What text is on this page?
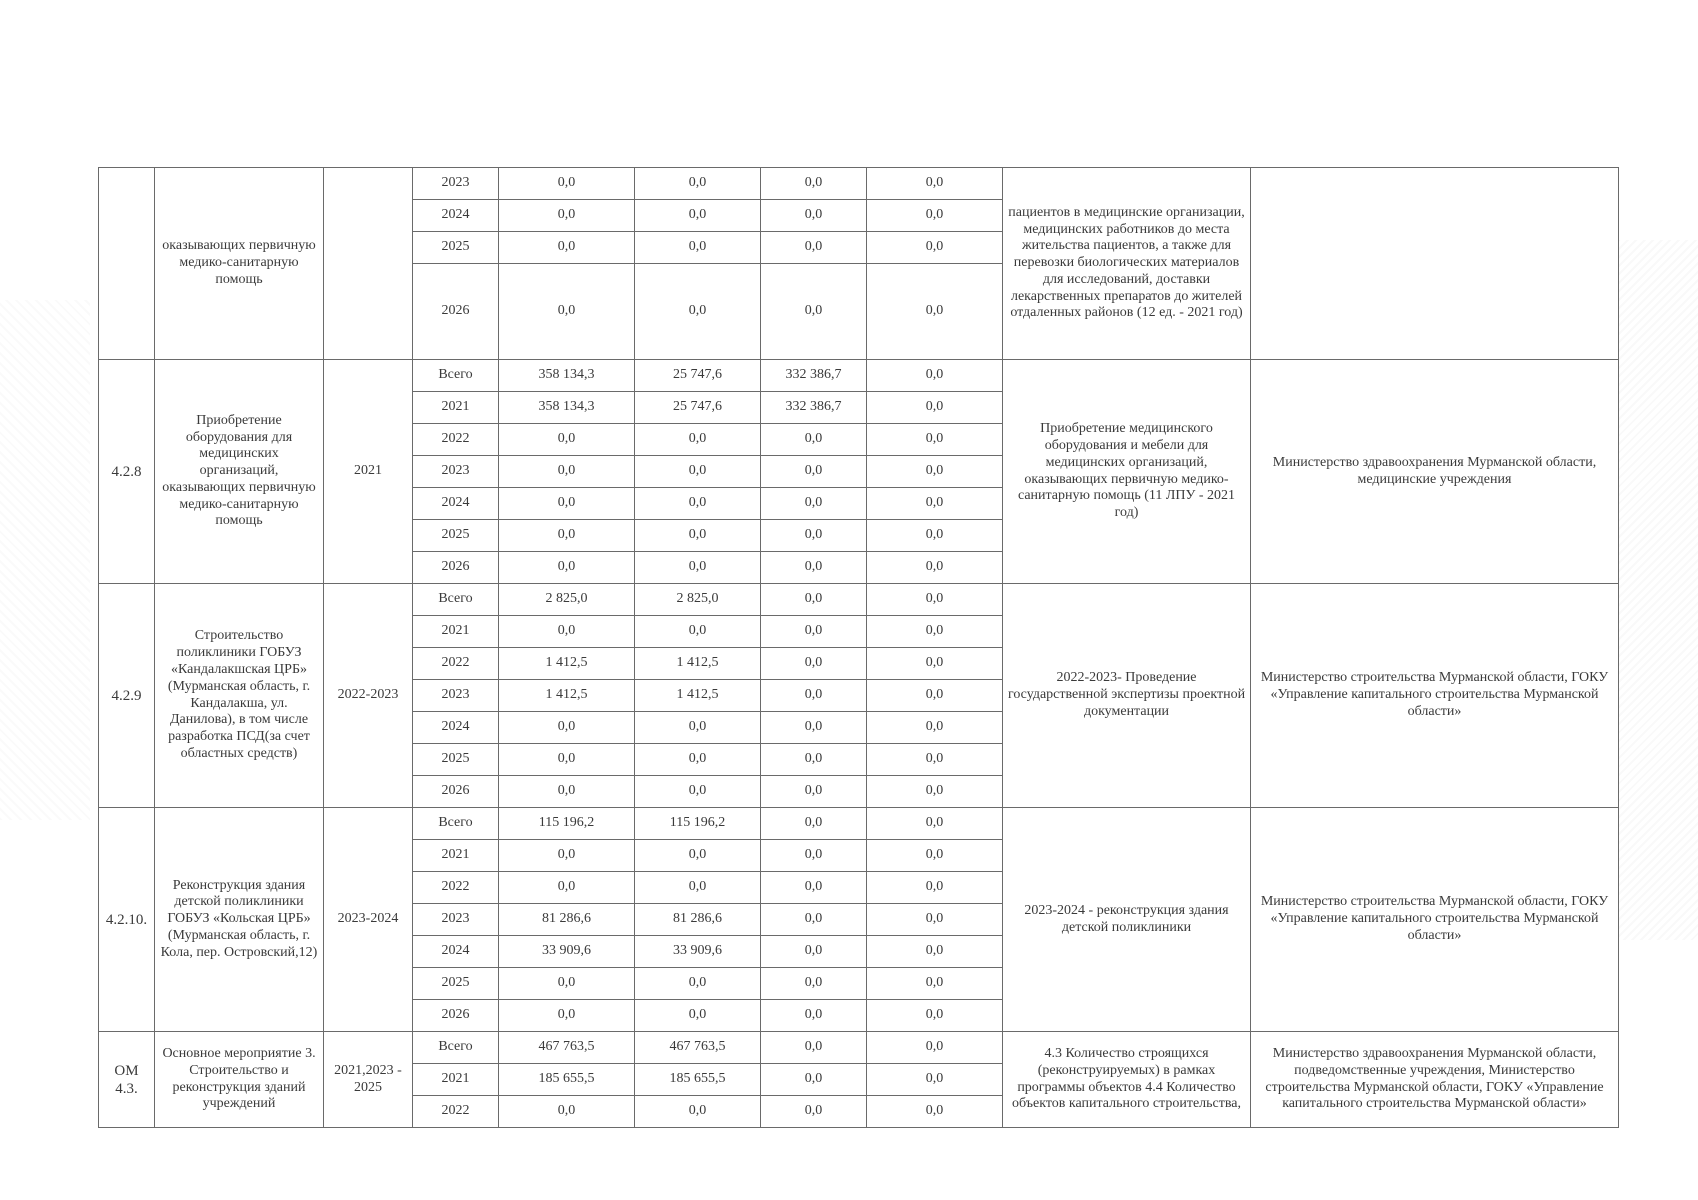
	оказывающих первичную медико-санитарную помощь		2023	0,0	0,0	0,0	0,0	пациентов в медицинские организации, медицинских работников до места жительства пациентов, а также для перевозки биологических материалов для исследований, доставки лекарственных препаратов до жителей отдаленных районов (12 ед. - 2021 год)	
			2024	0,0	0,0	0,0	0,0		
			2025	0,0	0,0	0,0	0,0		
			2026	0,0	0,0	0,0	0,0		
4.2.8	Приобретение оборудования для медицинских организаций, оказывающих первичную медико-санитарную помощь	2021	Всего	358 134,3	25 747,6	332 386,7	0,0	Приобретение медицинского оборудования и мебели для медицинских организаций, оказывающих первичную медико-санитарную помощь (11 ЛПУ - 2021 год)	Министерство здравоохранения Мурманской области, медицинские учреждения
			2021	358 134,3	25 747,6	332 386,7	0,0		
			2022	0,0	0,0	0,0	0,0		
			2023	0,0	0,0	0,0	0,0		
			2024	0,0	0,0	0,0	0,0		
			2025	0,0	0,0	0,0	0,0		
			2026	0,0	0,0	0,0	0,0		
4.2.9	Строительство поликлиники ГОБУЗ «Кандалакшская ЦРБ» (Мурманская область, г. Кандалакша, ул. Данилова), в том числе разработка ПСД(за счет областных средств)	2022-2023	Всего	2 825,0	2 825,0	0,0	0,0	2022-2023- Проведение государственной экспертизы проектной документации	Министерство строительства Мурманской области, ГОКУ «Управление капитального строительства Мурманской области»
			2021	0,0	0,0	0,0	0,0		
			2022	1 412,5	1 412,5	0,0	0,0		
			2023	1 412,5	1 412,5	0,0	0,0		
			2024	0,0	0,0	0,0	0,0		
			2025	0,0	0,0	0,0	0,0		
			2026	0,0	0,0	0,0	0,0		
4.2.10.	Реконструкция здания детской поликлиники ГОБУЗ «Кольская ЦРБ» (Мурманская область, г. Кола, пер. Островский,12)	2023-2024	Всего	115 196,2	115 196,2	0,0	0,0	2023-2024 - реконструкция здания детской поликлиники	Министерство строительства Мурманской области, ГОКУ «Управление капитального строительства Мурманской области»
			2021	0,0	0,0	0,0	0,0		
			2022	0,0	0,0	0,0	0,0		
			2023	81 286,6	81 286,6	0,0	0,0		
			2024	33 909,6	33 909,6	0,0	0,0		
			2025	0,0	0,0	0,0	0,0		
			2026	0,0	0,0	0,0	0,0		
ОМ 4.3.	Основное мероприятие 3. Строительство и реконструкция зданий учреждений	2021,2023 - 2025	Всего	467 763,5	467 763,5	0,0	0,0	4.3 Количество строящихся (реконструируемых) в рамках программы объектов 4.4 Количество объектов капитального строительства,	Министерство здравоохранения Мурманской области, подведомственные учреждения, Министерство строительства Мурманской области, ГОКУ «Управление капитального строительства Мурманской области»
			2021	185 655,5	185 655,5	0,0	0,0		
			2022	0,0	0,0	0,0	0,0		
